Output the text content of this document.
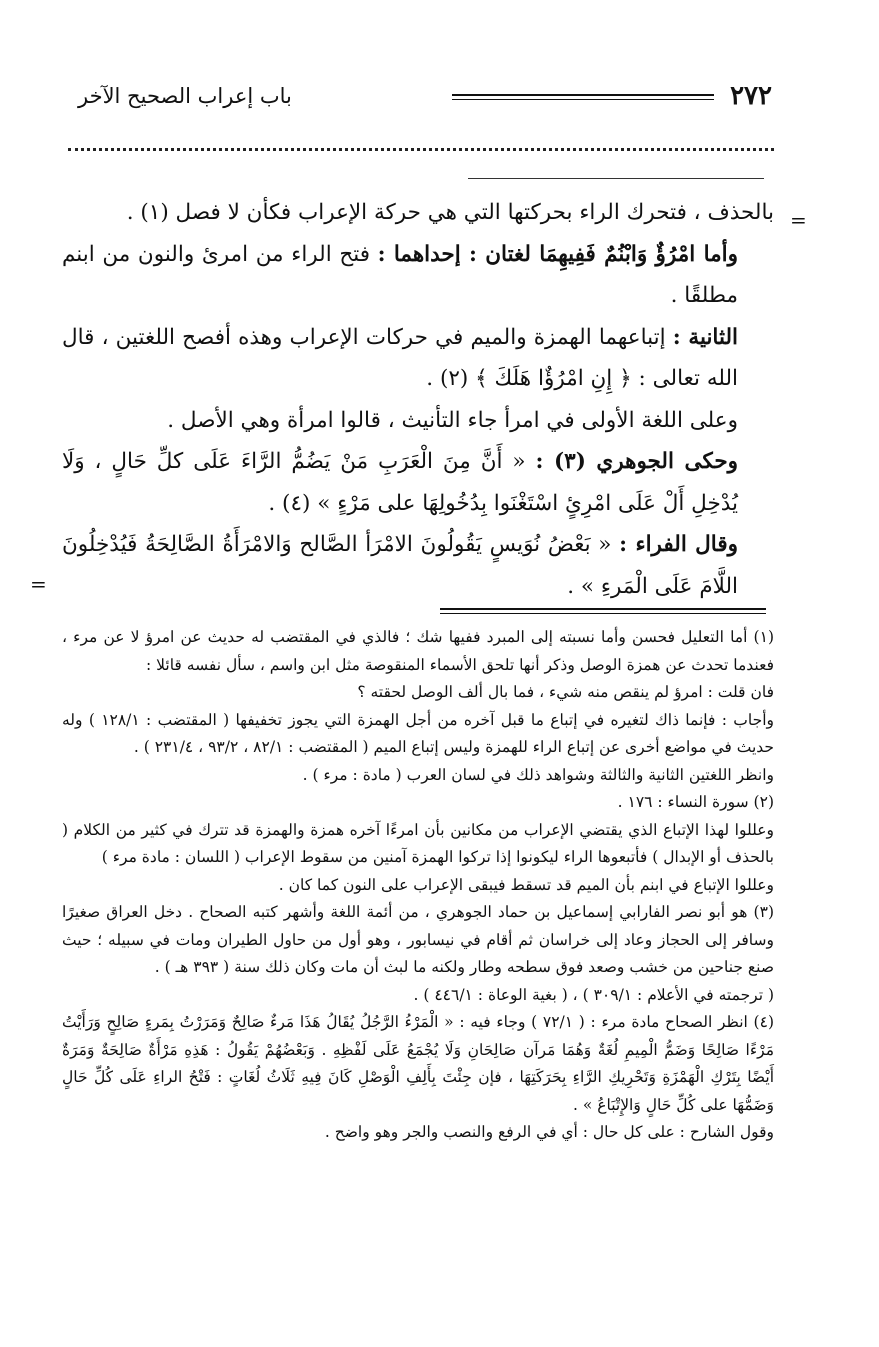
٢٧٢
باب إعراب الصحيح الآخر
=
=

بالحذف ، فتحرك الراء بحركتها التي هي حركة الإعراب فكأن لا فصل (١) .

وأما امْرُؤٌ وَابْنُمٌ فَفِيهِمَا لغتان : إحداهما : فتح الراء من امرئ والنون من ابنم مطلقًا .

الثانية : إتباعهما الهمزة والميم في حركات الإعراب وهذه أفصح اللغتين ، قال الله تعالى : ﴿ إِنِ امْرُؤٌا هَلَكَ ﴾ (٢) .

وعلى اللغة الأولى في امرأ جاء التأنيث ، قالوا امرأة وهي الأصل .

وحكى الجوهري (٣) : « أَنَّ مِنَ الْعَرَبِ مَنْ يَضُمُّ الرَّاءَ عَلَى كلِّ حَالٍ ، وَلَا يُدْخِلِ أَلْ عَلَى امْرِئٍ اسْتَغْنَوا بِدُخُولِهَا على مَرْءٍ » (٤) .

وقال الفراء : « بَعْضُ نُوَيسٍ يَقُولُونَ الامْرَأ الصَّالح وَالامْرَأَةُ الصَّالِحَةُ فَيُدْخِلُونَ اللَّامَ عَلَى الْمَرءِ » .

(١) أما التعليل فحسن وأما نسبته إلى المبرد ففيها شك ؛ فالذي في المقتضب له حديث عن امرؤ لا عن مرء ، فعندما تحدث عن همزة الوصل وذكر أنها تلحق الأسماء المنقوصة مثل ابن واسم ، سأل نفسه قائلا :

فان قلت : امرؤ لم ينقص منه شيء ، فما بال ألف الوصل لحقته ؟

وأجاب : فإنما ذاك لتغيره في إتباع ما قبل آخره من أجل الهمزة التي يجوز تخفيفها ( المقتضب : ١٢٨/١ ) وله حديث في مواضع أخرى عن إتباع الراء للهمزة وليس إتباع الميم ( المقتضب : ٨٢/١ ، ٩٣/٢ ، ٢٣١/٤ ) .

وانظر اللغتين الثانية والثالثة وشواهد ذلك في لسان العرب ( مادة : مرء ) .

(٢) سورة النساء : ١٧٦ .

وعللوا لهذا الإتباع الذي يقتضي الإعراب من مكانين بأن امرءًا آخره همزة والهمزة قد تترك في كثير من الكلام ( بالحذف أو الإبدال ) فأتبعوها الراء ليكونوا إذا تركوا الهمزة آمنين من سقوط الإعراب ( اللسان : مادة مرء )

وعللوا الإتباع في ابنم بأن الميم قد تسقط فيبقى الإعراب على النون كما كان .

(٣) هو أبو نصر الفارابي إسماعيل بن حماد الجوهري ، من أئمة اللغة وأشهر كتبه الصحاح . دخل العراق صغيرًا وسافر إلى الحجاز وعاد إلى خراسان ثم أقام في نيسابور ، وهو أول من حاول الطيران ومات في سبيله ؛ حيث صنع جناحين من خشب وصعد فوق سطحه وطار ولكنه ما لبث أن مات وكان ذلك سنة ( ٣٩٣ هـ ) .

( ترجمته في الأعلام : ٣٠٩/١ ) ، ( بغية الوعاة : ٤٤٦/١ ) .

(٤) انظر الصحاح مادة مرء : ( ٧٢/١ ) وجاء فيه : « الْمَرْءُ الرَّجُلُ يُقَالُ هَذَا مَرءٌ صَالِحٌ وَمَرَرْتُ بِمَرءٍ صَالِحٍ وَرَأَيْتُ مَرْءًا صَالِحًا وَضَمُّ الْمِيمِ لُغَةٌ وَهُمَا مَرآن صَالِحَانِ وَلَا يُجْمَعُ عَلَى لَفْظِهِ . وَبَعْضُهُمْ يَقُولُ : هَذِهِ مَرْأَةٌ صَالِحَةٌ وَمَرَةٌ أَيْضًا بِتَرْكِ الْهَمْزَةِ وَتَحْرِيكِ الرَّاءِ بِحَرَكَتِهَا ، فإن جِئْتَ بِأَلِفِ الْوَصْلِ كَانَ فِيهِ ثَلَاثُ لُغَاتٍ : فَتْحُ الراءِ عَلَى كُلِّ حَالٍ وَضَمُّهَا على كُلِّ حَالٍ وَالإِتْبَاعُ » .

وقول الشارح : على كل حال : أي في الرفع والنصب والجر وهو واضح .
